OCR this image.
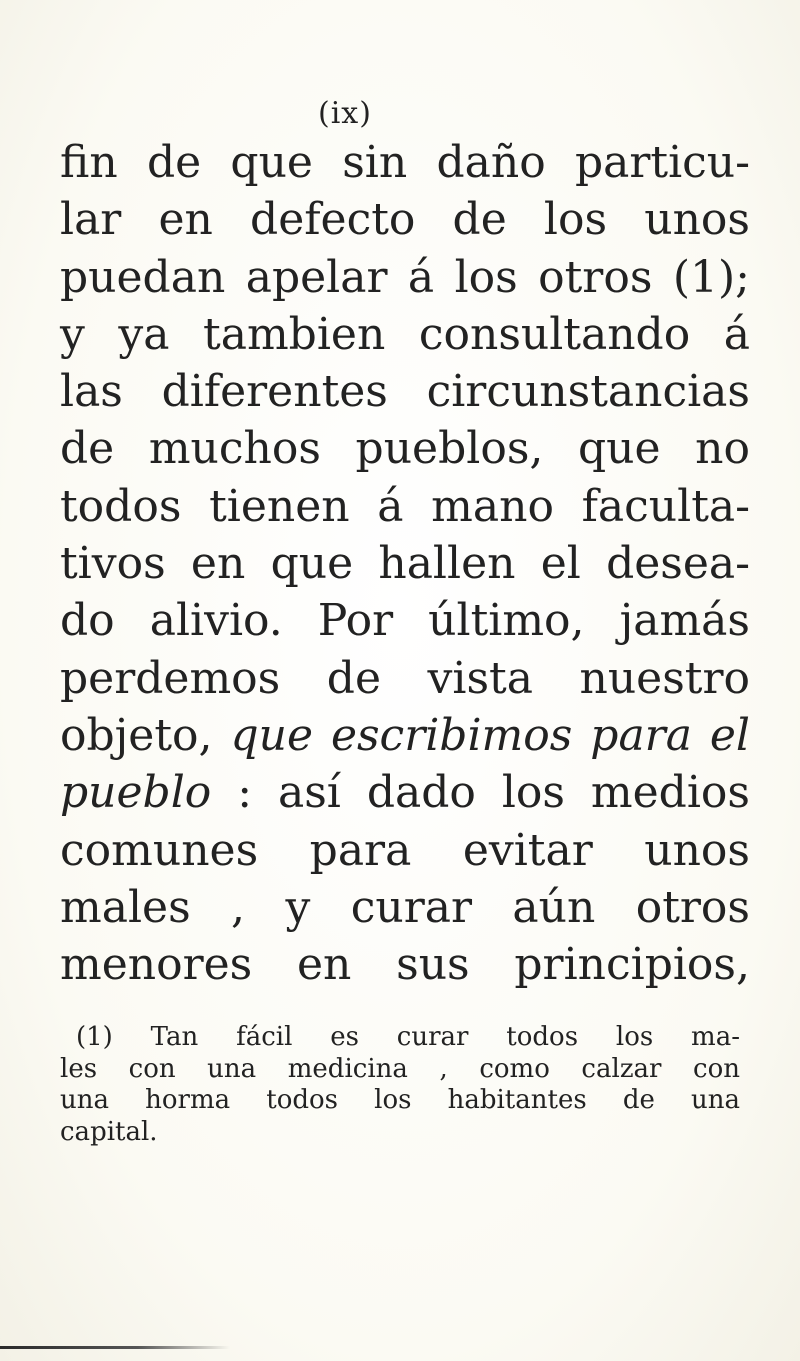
(ix)
fin de que sin daño particu-
lar en defecto de los unos
puedan apelar á los otros (1);
y ya tambien consultando á
las diferentes circunstancias
de muchos pueblos, que no
todos tienen á mano faculta-
tivos en que hallen el desea-
do alivio. Por último, jamás
perdemos de vista nuestro
objeto, que escribimos para el
pueblo : así dado los medios
comunes para evitar unos
males , y curar aún otros
menores en sus principios,
(1) Tan fácil es curar todos los ma-
les con una medicina , como calzar con
una horma todos los habitantes de una
capital.
